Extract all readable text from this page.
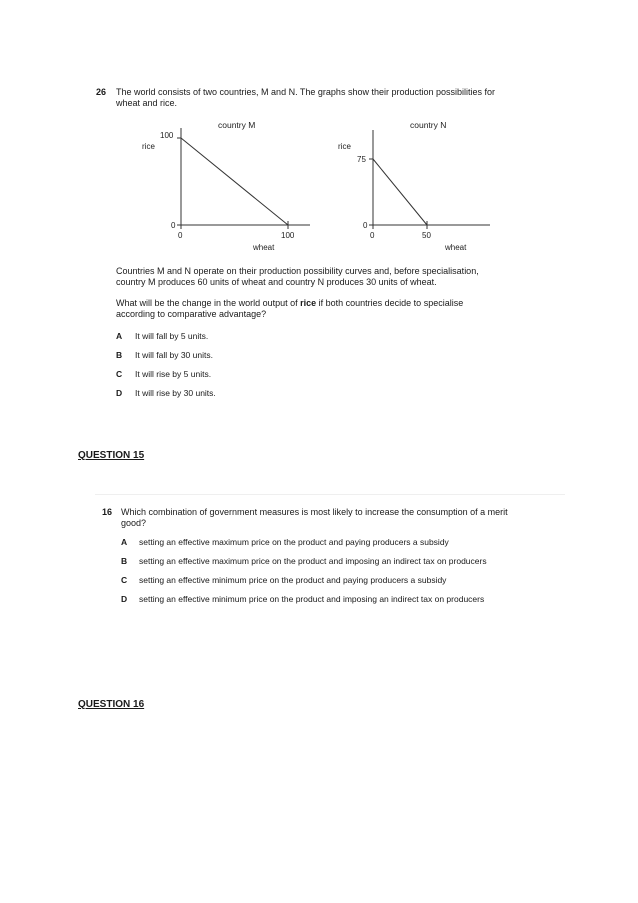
26 The world consists of two countries, M and N. The graphs show their production possibilities for
wheat and rice.
country M
100
rice
0
0	100
wheat
country N
rice
75
0
0	50
wheat
Countries M and N operate on their production possibility curves and, before specialisation,
country M produces 60 units of wheat and country N produces 30 units of wheat.
What will be the change in the world output of rice if both countries decide to specialise
according to comparative advantage?
A It will fall by 5 units.
B It will fall by 30 units.
C It will rise by 5 units.
D It will rise by 30 units.
QUESTION 15
16 Which combination of government measures is most likely to increase the consumption of a merit
good?
A setting an effective maximum price on the product and paying producers a subsidy
B setting an effective maximum price on the product and imposing an indirect tax on producers
C setting an effective minimum price on the product and paying producers a subsidy
D setting an effective minimum price on the product and imposing an indirect tax on producers
QUESTION 16
